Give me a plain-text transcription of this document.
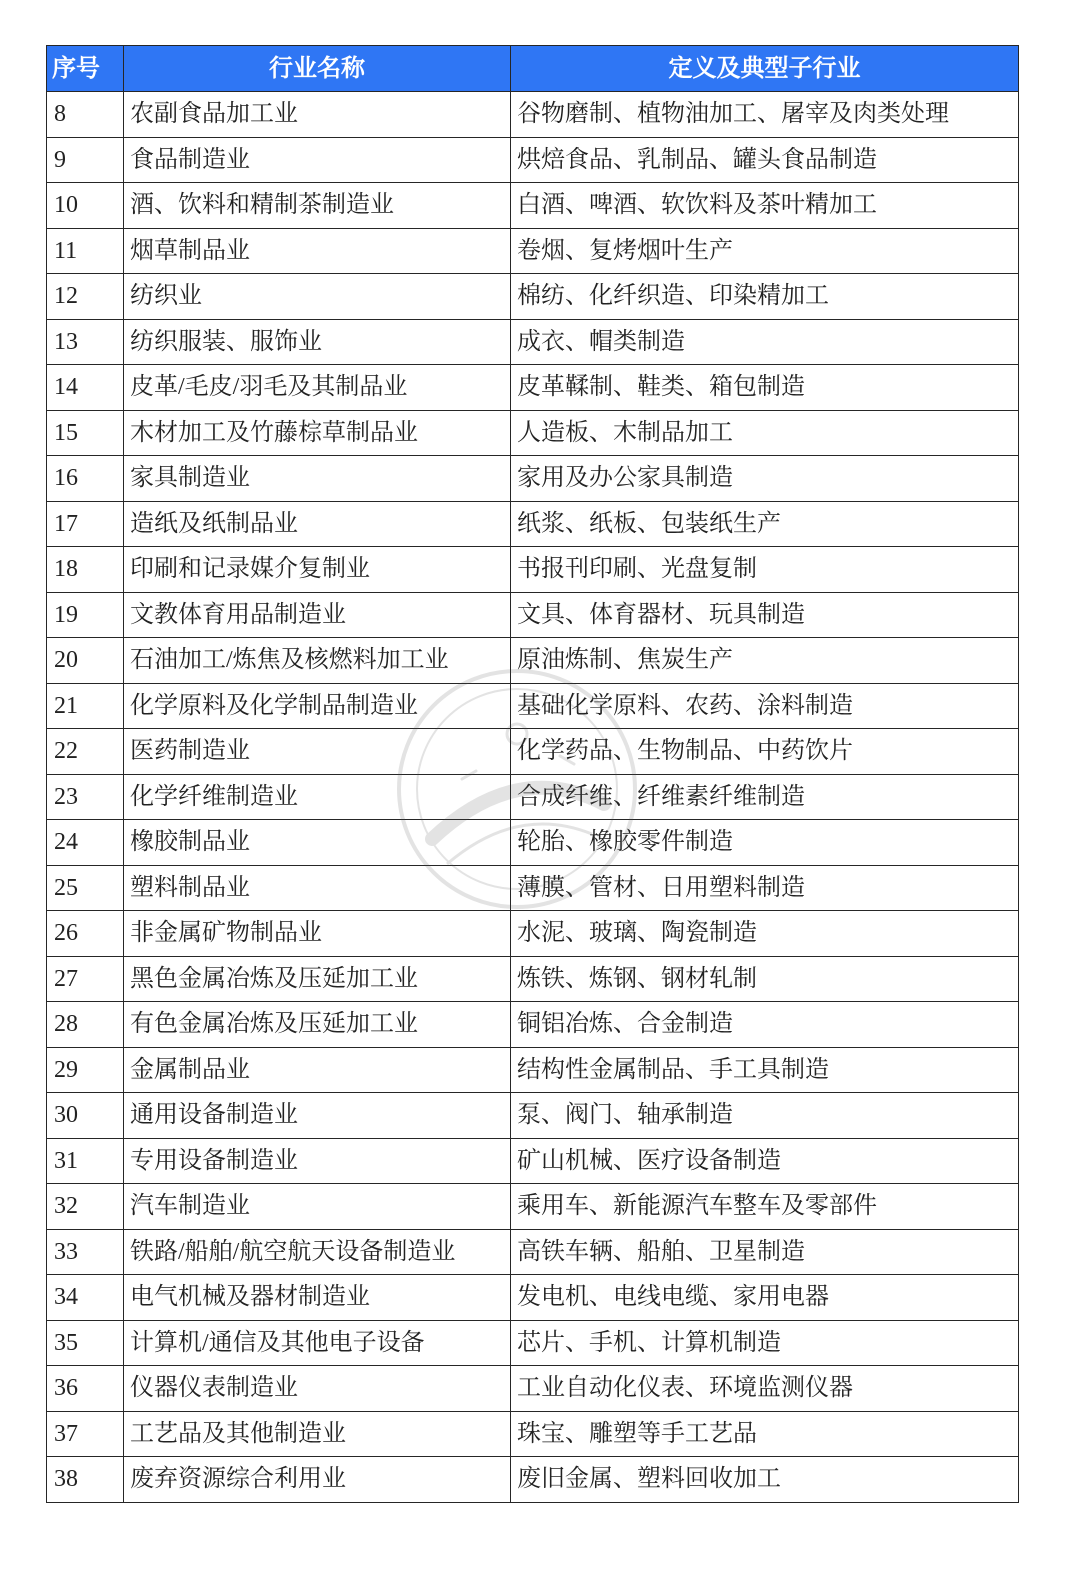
序号	行业名称	定义及典型子行业
8	农副食品加工业	谷物磨制、植物油加工、屠宰及肉类处理
9	食品制造业	烘焙食品、乳制品、罐头食品制造
10	酒、饮料和精制茶制造业	白酒、啤酒、软饮料及茶叶精加工
11	烟草制品业	卷烟、复烤烟叶生产
12	纺织业	棉纺、化纤织造、印染精加工
13	纺织服装、服饰业	成衣、帽类制造
14	皮革/毛皮/羽毛及其制品业	皮革鞣制、鞋类、箱包制造
15	木材加工及竹藤棕草制品业	人造板、木制品加工
16	家具制造业	家用及办公家具制造
17	造纸及纸制品业	纸浆、纸板、包装纸生产
18	印刷和记录媒介复制业	书报刊印刷、光盘复制
19	文教体育用品制造业	文具、体育器材、玩具制造
20	石油加工/炼焦及核燃料加工业	原油炼制、焦炭生产
21	化学原料及化学制品制造业	基础化学原料、农药、涂料制造
22	医药制造业	化学药品、生物制品、中药饮片
23	化学纤维制造业	合成纤维、纤维素纤维制造
24	橡胶制品业	轮胎、橡胶零件制造
25	塑料制品业	薄膜、管材、日用塑料制造
26	非金属矿物制品业	水泥、玻璃、陶瓷制造
27	黑色金属冶炼及压延加工业	炼铁、炼钢、钢材轧制
28	有色金属冶炼及压延加工业	铜铝冶炼、合金制造
29	金属制品业	结构性金属制品、手工具制造
30	通用设备制造业	泵、阀门、轴承制造
31	专用设备制造业	矿山机械、医疗设备制造
32	汽车制造业	乘用车、新能源汽车整车及零部件
33	铁路/船舶/航空航天设备制造业	高铁车辆、船舶、卫星制造
34	电气机械及器材制造业	发电机、电线电缆、家用电器
35	计算机/通信及其他电子设备	芯片、手机、计算机制造
36	仪器仪表制造业	工业自动化仪表、环境监测仪器
37	工艺品及其他制造业	珠宝、雕塑等手工艺品
38	废弃资源综合利用业	废旧金属、塑料回收加工
